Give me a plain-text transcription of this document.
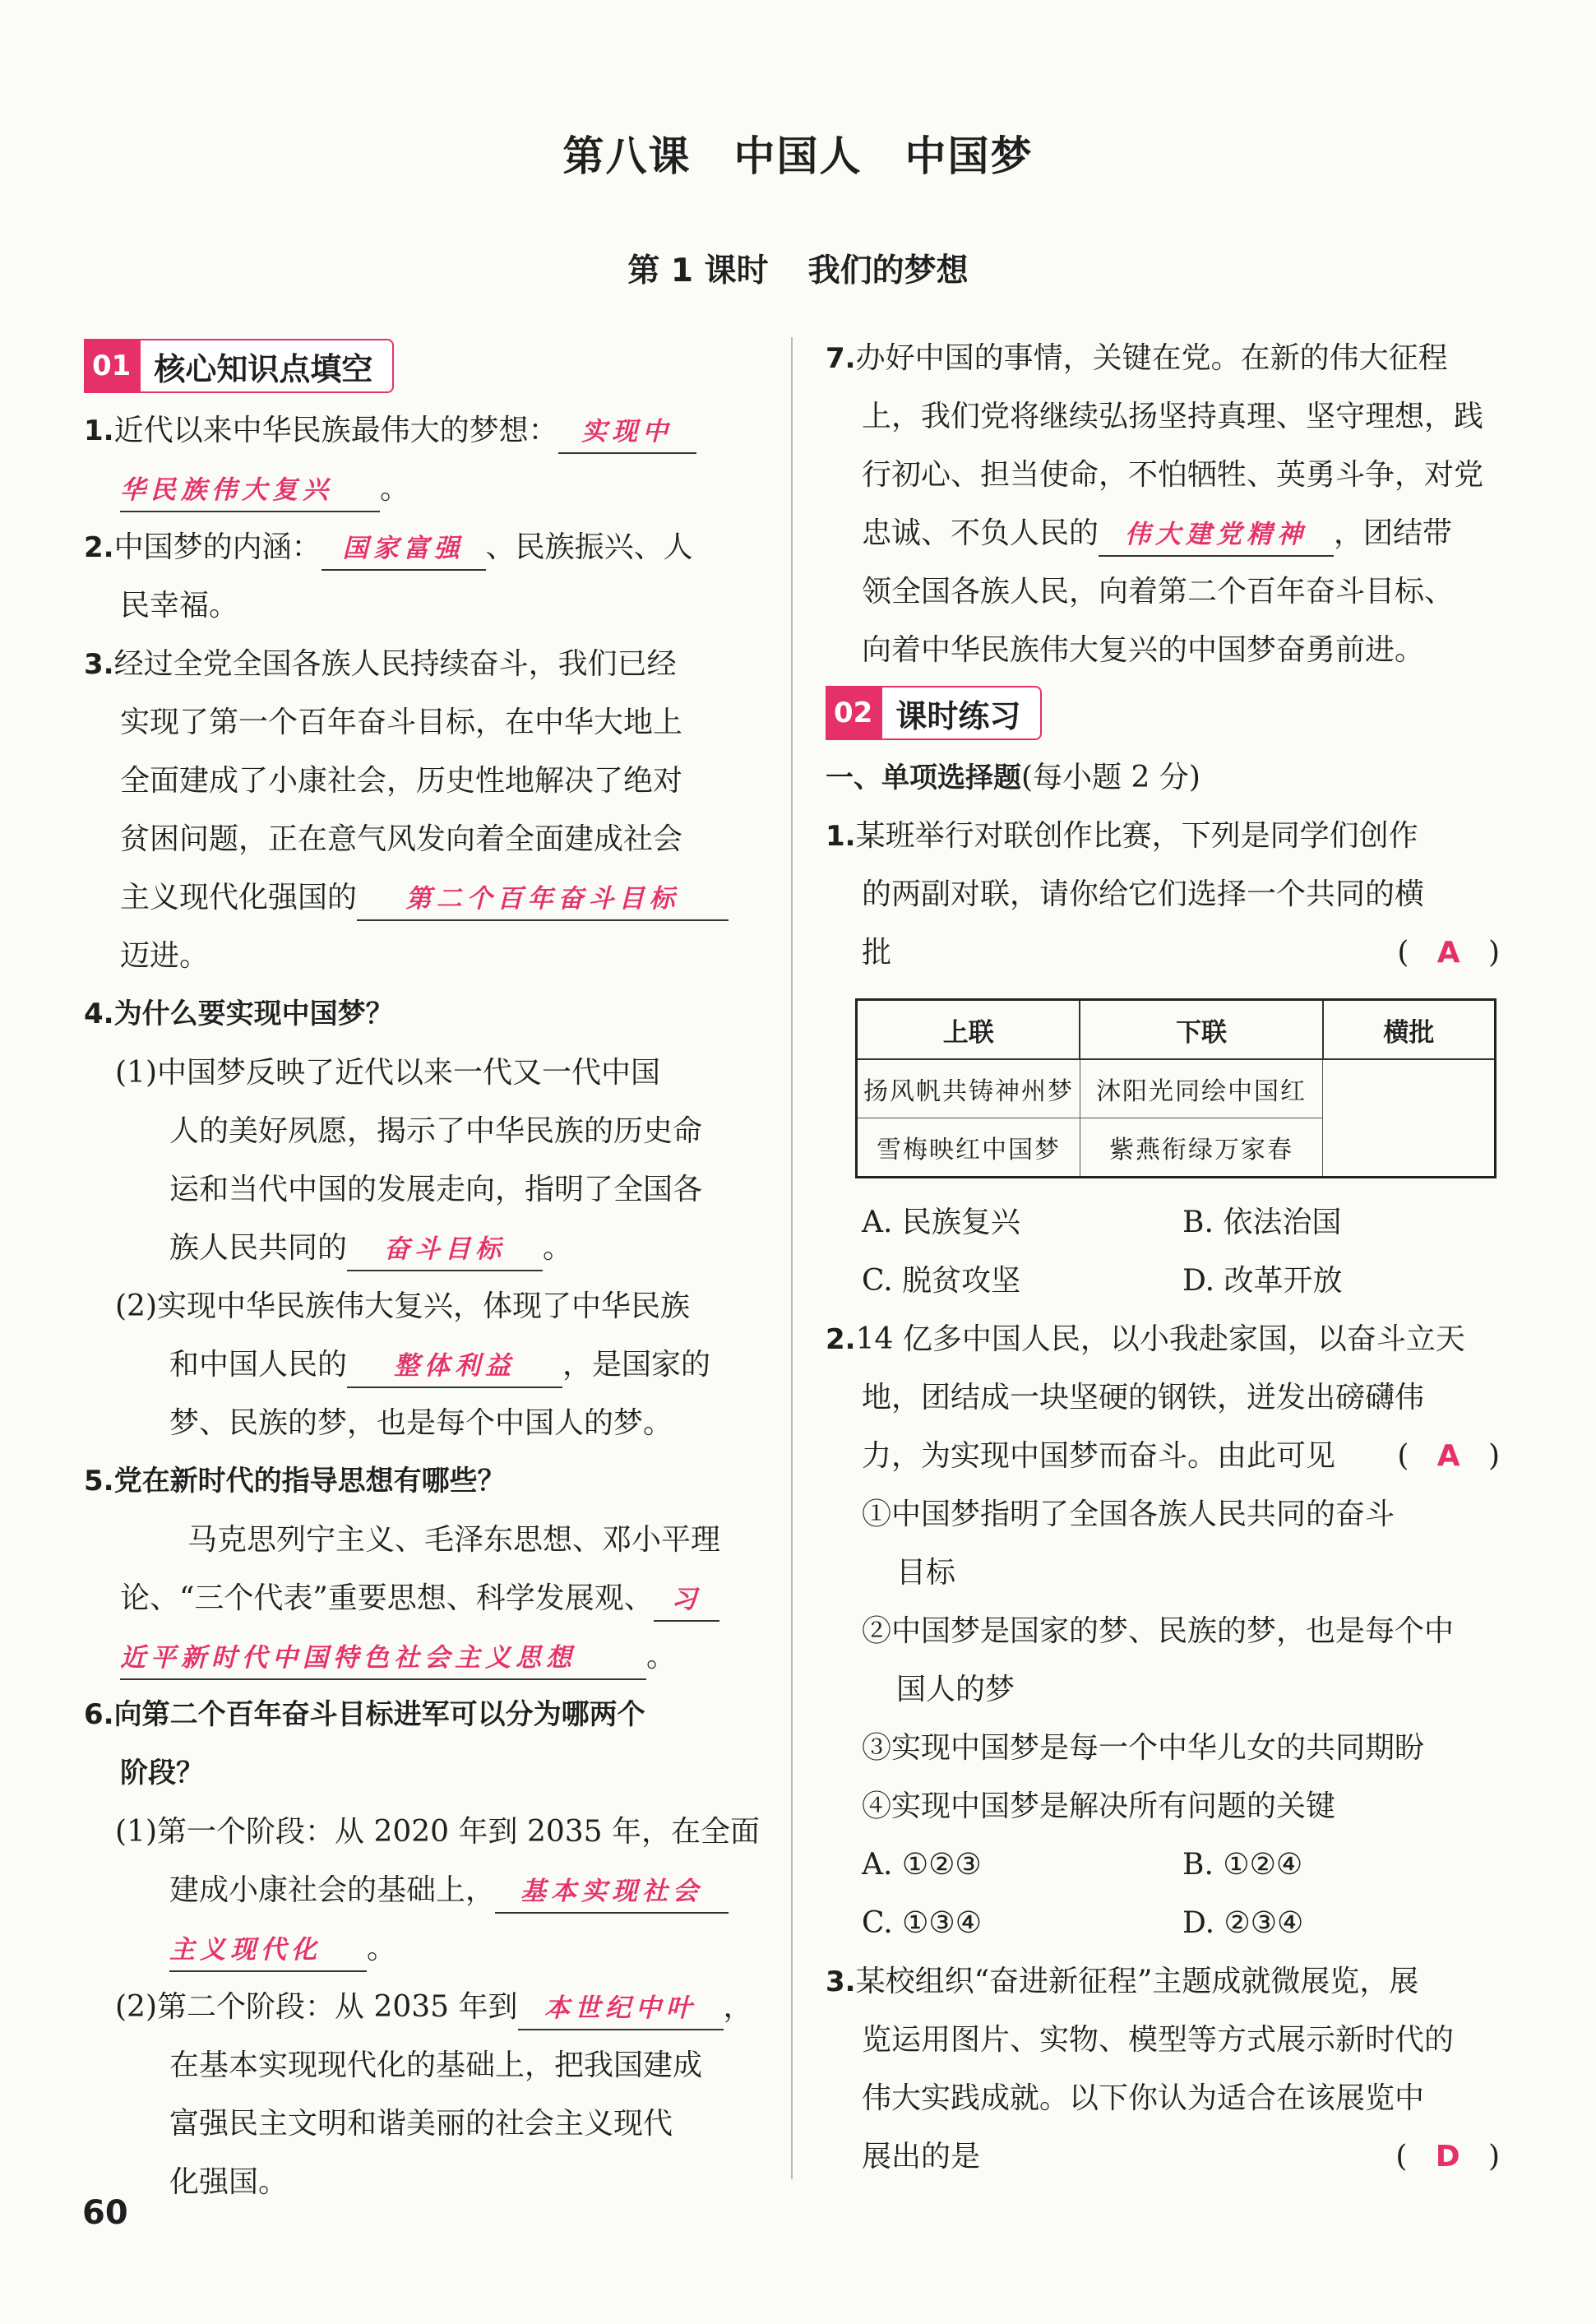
第八课 中国人 中国梦
第 1 课时 我们的梦想
01 核心知识点填空
1.近代以来中华民族最伟大的梦想： 实现中
华民族伟大复兴 。
2.中国梦的内涵： 国家富强 、民族振兴、人
民幸福。
3.经过全党全国各族人民持续奋斗，我们已经
实现了第一个百年奋斗目标，在中华大地上
全面建成了小康社会，历史性地解决了绝对
贫困问题，正在意气风发向着全面建成社会
主义现代化强国的 第二个百年奋斗目标
迈进。
4.为什么要实现中国梦？
(1)中国梦反映了近代以来一代又一代中国
人的美好夙愿，揭示了中华民族的历史命
运和当代中国的发展走向，指明了全国各
族人民共同的 奋斗目标 。
(2)实现中华民族伟大复兴，体现了中华民族
和中国人民的 整体利益 ，是国家的
梦、民族的梦，也是每个中国人的梦。
5.党在新时代的指导思想有哪些？
马克思列宁主义、毛泽东思想、邓小平理
论、“三个代表”重要思想、科学发展观、 习
近平新时代中国特色社会主义思想 。
6.向第二个百年奋斗目标进军可以分为哪两个
阶段？
(1)第一个阶段：从 2020 年到 2035 年，在全面
建成小康社会的基础上， 基本实现社会
主义现代化 。
(2)第二个阶段：从 2035 年到 本世纪中叶 ，
在基本实现现代化的基础上，把我国建成
富强民主文明和谐美丽的社会主义现代
化强国。
7.办好中国的事情，关键在党。在新的伟大征程
上，我们党将继续弘扬坚持真理、坚守理想，践
行初心、担当使命，不怕牺牲、英勇斗争，对党
忠诚、不负人民的 伟大建党精神 ，团结带
领全国各族人民，向着第二个百年奋斗目标、
向着中华民族伟大复兴的中国梦奋勇前进。
02 课时练习
一、单项选择题(每小题 2 分)
1.某班举行对联创作比赛，下列是同学们创作
的两副对联，请你给它们选择一个共同的横
批	(   A   )
上联	下联	横批
扬风帆共铸神州梦	沐阳光同绘中国红	
雪梅映红中国梦	紫燕衔绿万家春	
A. 民族复兴	B. 依法治国
C. 脱贫攻坚	D. 改革开放
2.14 亿多中国人民，以小我赴家国，以奋斗立天
地，团结成一块坚硬的钢铁，迸发出磅礴伟
力，为实现中国梦而奋斗。由此可见 (   A   )
①中国梦指明了全国各族人民共同的奋斗
目标
②中国梦是国家的梦、民族的梦，也是每个中
国人的梦
③实现中国梦是每一个中华儿女的共同期盼
④实现中国梦是解决所有问题的关键
A. ①②③	B. ①②④
C. ①③④	D. ②③④
3.某校组织“奋进新征程”主题成就微展览，展
览运用图片、实物、模型等方式展示新时代的
伟大实践成就。以下你认为适合在该展览中
展出的是	(   D   )
60
